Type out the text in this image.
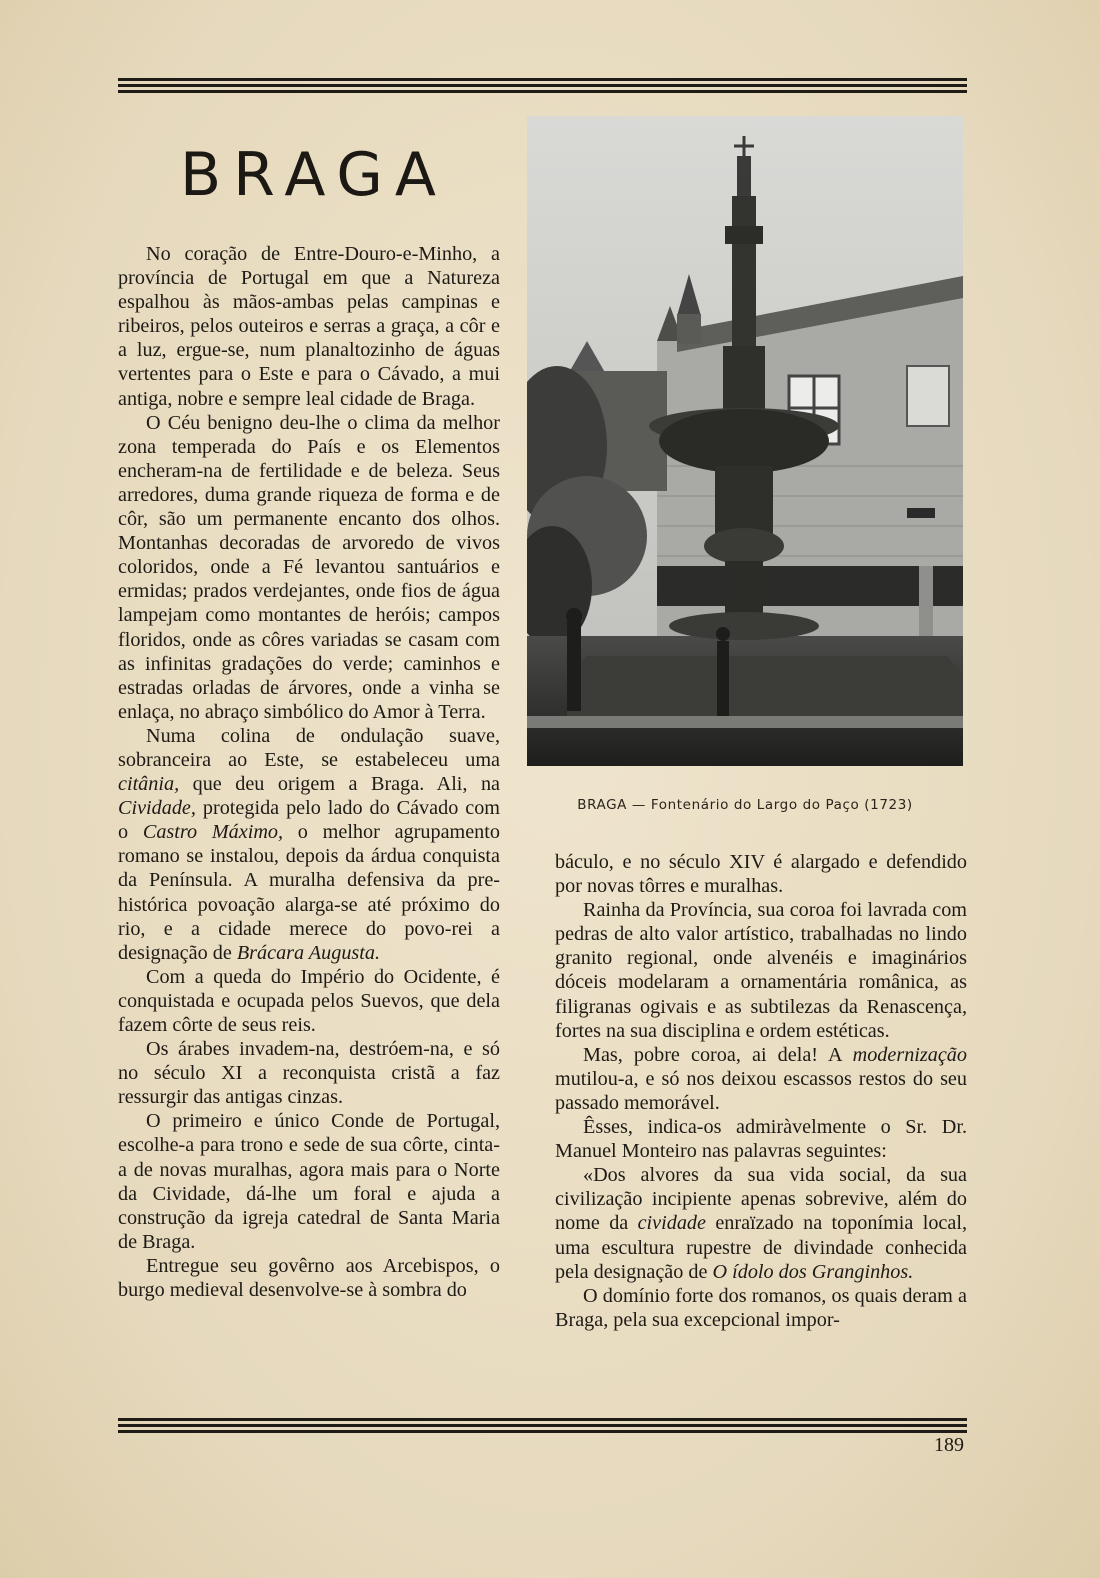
BRAGA

No coração de Entre-Douro-e-Minho, a província de Portugal em que a Natureza espalhou às mãos-ambas pelas campinas e ribeiros, pelos outeiros e serras a graça, a côr e a luz, ergue-se, num planaltozinho de águas vertentes para o Este e para o Cávado, a mui antiga, nobre e sempre leal cidade de Braga.

O Céu benigno deu-lhe o clima da melhor zona temperada do País e os Elementos encheram-na de fertilidade e de beleza. Seus arredores, duma grande riqueza de forma e de côr, são um permanente encanto dos olhos. Montanhas decoradas de arvoredo de vivos coloridos, onde a Fé levantou santuários e ermidas; prados verdejantes, onde fios de água lampejam como montantes de heróis; campos floridos, onde as côres variadas se casam com as infinitas gradações do verde; caminhos e estradas orladas de árvores, onde a vinha se enlaça, no abraço simbólico do Amor à Terra.

Numa colina de ondulação suave, sobranceira ao Este, se estabeleceu uma citânia, que deu origem a Braga. Ali, na Cividade, protegida pelo lado do Cávado com o Castro Máximo, o melhor agrupamento romano se instalou, depois da árdua conquista da Península. A muralha defensiva da pre-histórica povoação alarga-se até próximo do rio, e a cidade merece do povo-rei a designação de Brácara Augusta.

Com a queda do Império do Ocidente, é conquistada e ocupada pelos Suevos, que dela fazem côrte de seus reis.

Os árabes invadem-na, destróem-na, e só no século XI a reconquista cristã a faz ressurgir das antigas cinzas.

O primeiro e único Conde de Portugal, escolhe-a para trono e sede de sua côrte, cinta-a de novas muralhas, agora mais para o Norte da Cividade, dá-lhe um foral e ajuda a construção da igreja catedral de Santa Maria de Braga.

Entregue seu govêrno aos Arcebispos, o burgo medieval desenvolve-se à sombra do

BRAGA — Fontenário do Largo do Paço (1723)

báculo, e no século XIV é alargado e defendido por novas tôrres e muralhas.

Rainha da Província, sua coroa foi lavrada com pedras de alto valor artístico, trabalhadas no lindo granito regional, onde alvenéis e imaginários dóceis modelaram a ornamentária românica, as filigranas ogivais e as subtilezas da Renascença, fortes na sua disciplina e ordem estéticas.

Mas, pobre coroa, ai dela! A modernização mutilou-a, e só nos deixou escassos restos do seu passado memorável.

Êsses, indica-os admiràvelmente o Sr. Dr. Manuel Monteiro nas palavras seguintes:

«Dos alvores da sua vida social, da sua civilização incipiente apenas sobrevive, além do nome da cividade enraïzado na toponímia local, uma escultura rupestre de divindade conhecida pela designação de O ídolo dos Granginhos.

O domínio forte dos romanos, os quais deram a Braga, pela sua excepcional impor-

189
